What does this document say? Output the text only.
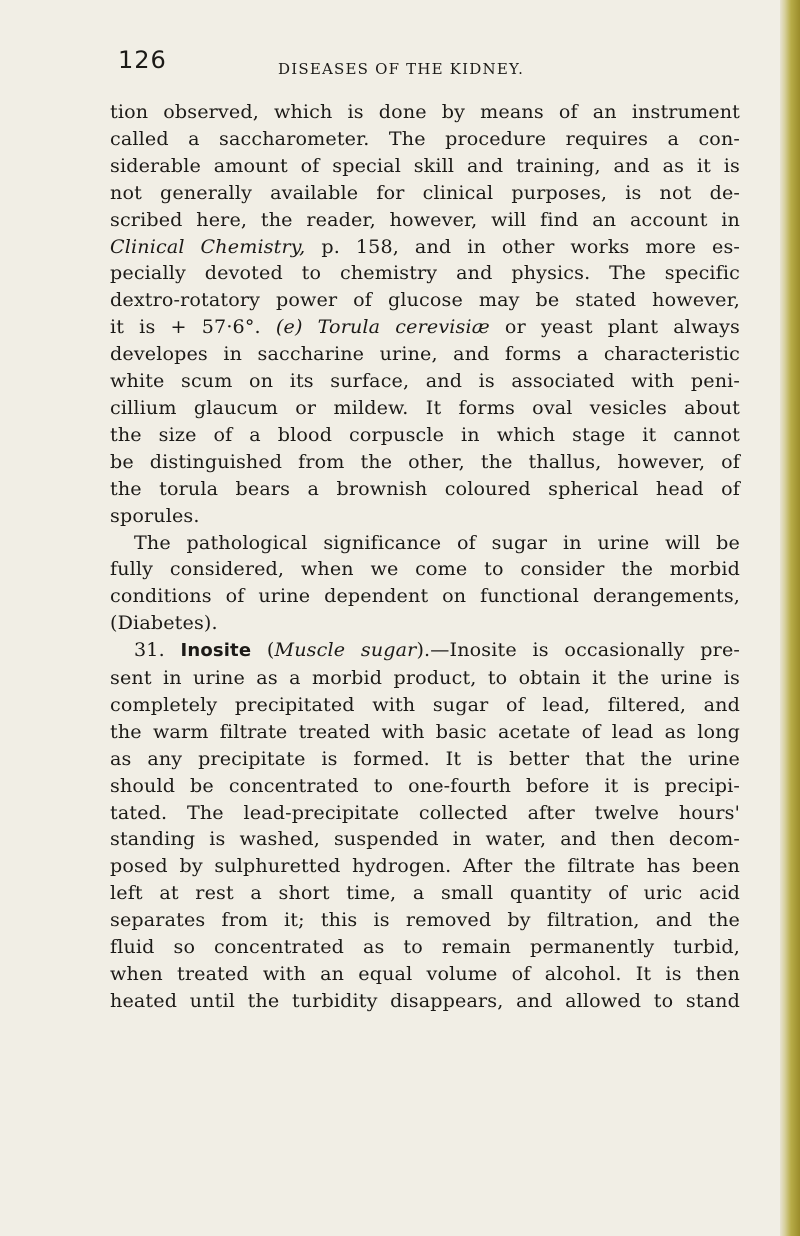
126	DISEASES OF THE KIDNEY.
tion observed, which is done by means of an instrument
called a saccharometer. The procedure requires a con-
siderable amount of special skill and training, and as it is
not generally available for clinical purposes, is not de-
scribed here, the reader, however, will find an account in
Clinical Chemistry, p. 158, and in other works more es-
pecially devoted to chemistry and physics. The specific
dextro-rotatory power of glucose may be stated however,
it is + 57·6°. (e) Torula cerevisiæ or yeast plant always
developes in saccharine urine, and forms a characteristic
white scum on its surface, and is associated with peni-
cillium glaucum or mildew. It forms oval vesicles about
the size of a blood corpuscle in which stage it cannot
be distinguished from the other, the thallus, however, of
the torula bears a brownish coloured spherical head of
sporules.
The pathological significance of sugar in urine will be
fully considered, when we come to consider the morbid
conditions of urine dependent on functional derangements,
(Diabetes).
31. Inosite (Muscle sugar).—Inosite is occasionally pre-
sent in urine as a morbid product, to obtain it the urine is
completely precipitated with sugar of lead, filtered, and
the warm filtrate treated with basic acetate of lead as long
as any precipitate is formed. It is better that the urine
should be concentrated to one-fourth before it is precipi-
tated. The lead-precipitate collected after twelve hours'
standing is washed, suspended in water, and then decom-
posed by sulphuretted hydrogen. After the filtrate has been
left at rest a short time, a small quantity of uric acid
separates from it; this is removed by filtration, and the
fluid so concentrated as to remain permanently turbid,
when treated with an equal volume of alcohol. It is then
heated until the turbidity disappears, and allowed to stand
